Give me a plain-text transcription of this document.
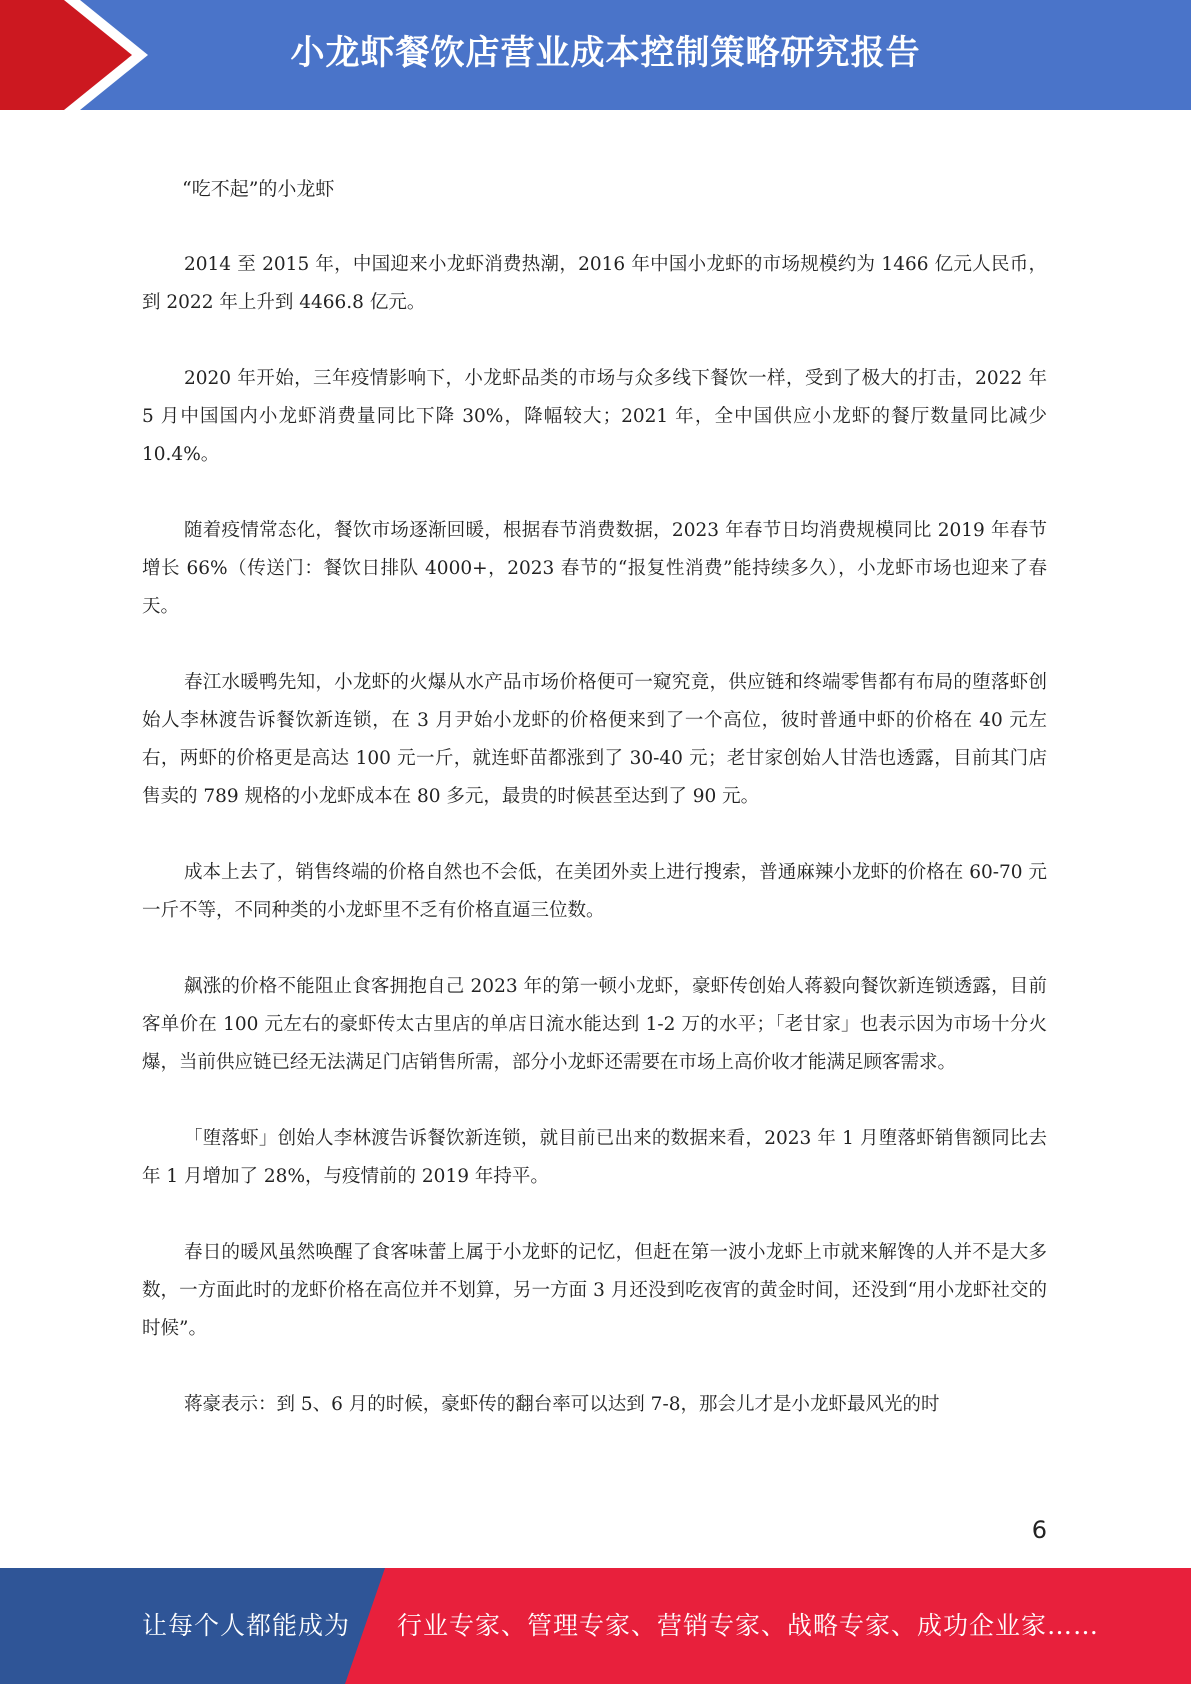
小龙虾餐饮店营业成本控制策略研究报告

“吃不起”的小龙虾

2014 至 2015 年，中国迎来小龙虾消费热潮，2016 年中国小龙虾的市场规模约为 1466 亿元人民币，到 2022 年上升到 4466.8 亿元。

2020 年开始，三年疫情影响下，小龙虾品类的市场与众多线下餐饮一样，受到了极大的打击，2022 年 5 月中国国内小龙虾消费量同比下降 30%，降幅较大；2021 年，全中国供应小龙虾的餐厅数量同比减少 10.4%。

随着疫情常态化，餐饮市场逐渐回暖，根据春节消费数据，2023 年春节日均消费规模同比 2019 年春节增长 66%（传送门：餐饮日排队 4000+，2023 春节的“报复性消费”能持续多久），小龙虾市场也迎来了春天。

春江水暖鸭先知，小龙虾的火爆从水产品市场价格便可一窥究竟，供应链和终端零售都有布局的堕落虾创始人李林渡告诉餐饮新连锁，在 3 月尹始小龙虾的价格便来到了一个高位，彼时普通中虾的价格在 40 元左右，两虾的价格更是高达 100 元一斤，就连虾苗都涨到了 30-40 元；老甘家创始人甘浩也透露，目前其门店售卖的 789 规格的小龙虾成本在 80 多元，最贵的时候甚至达到了 90 元。

成本上去了，销售终端的价格自然也不会低，在美团外卖上进行搜索，普通麻辣小龙虾的价格在 60-70 元一斤不等，不同种类的小龙虾里不乏有价格直逼三位数。

飙涨的价格不能阻止食客拥抱自己 2023 年的第一顿小龙虾，豪虾传创始人蒋毅向餐饮新连锁透露，目前客单价在 100 元左右的豪虾传太古里店的单店日流水能达到 1-2 万的水平；「老甘家」也表示因为市场十分火爆，当前供应链已经无法满足门店销售所需，部分小龙虾还需要在市场上高价收才能满足顾客需求。

「堕落虾」创始人李林渡告诉餐饮新连锁，就目前已出来的数据来看，2023 年 1 月堕落虾销售额同比去年 1 月增加了 28%，与疫情前的 2019 年持平。

春日的暖风虽然唤醒了食客味蕾上属于小龙虾的记忆，但赶在第一波小龙虾上市就来解馋的人并不是大多数，一方面此时的龙虾价格在高位并不划算，另一方面 3 月还没到吃夜宵的黄金时间，还没到“用小龙虾社交的时候”。

蒋豪表示：到 5、6 月的时候，豪虾传的翻台率可以达到 7-8，那会儿才是小龙虾最风光的时

6
让每个人都能成为 行业专家、管理专家、营销专家、战略专家、成功企业家……
